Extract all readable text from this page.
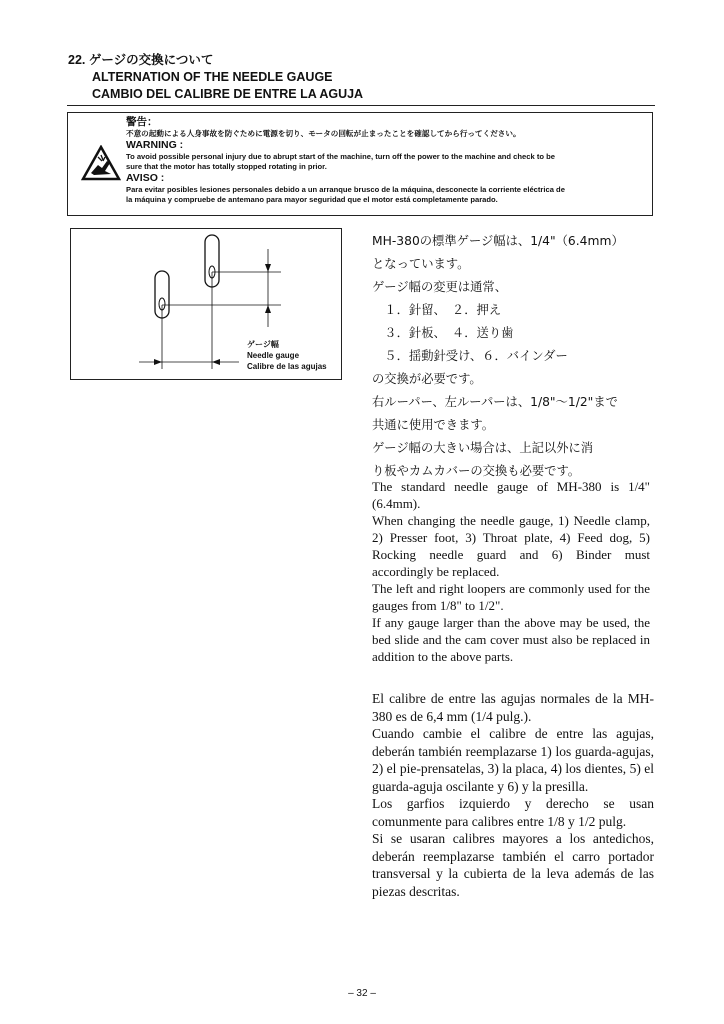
22. ゲージの交換について
ALTERNATION OF THE NEEDLE GAUGE
CAMBIO DEL CALIBRE DE ENTRE LA AGUJA
警告：
不意の起動による人身事故を防ぐために電源を切り、モータの回転が止まったことを確認してから行ってください。
WARNING :
To avoid possible personal injury due to abrupt start of the machine, turn off the power to the machine and check to be
sure that the motor has totally stopped rotating in prior.
AVISO :
Para evitar posibles lesiones personales debido a un arranque brusco de la máquina, desconecte la corriente eléctrica de
la máquina y compruebe de antemano para mayor seguridad que el motor está completamente parado.
ゲージ幅
Needle gauge
Calibre de las agujas
MH-380の標準ゲージ幅は、1/4"（6.4mm）
となっています。
ゲージ幅の変更は通常、
　１．針留、　２．押え
　３．針板、　４．送り歯
　５．揺動針受け、６．バインダー
の交換が必要です。
右ルーパー、左ルーパーは、1/8"～1/2"まで
共通に使用できます。
ゲージ幅の大きい場合は、上記以外に消
り板やカムカバーの交換も必要です。

The standard needle gauge of MH-380 is 1/4" (6.4mm).

When changing the needle gauge, 1) Needle clamp, 2) Presser foot, 3) Throat plate, 4) Feed dog, 5) Rocking needle guard and 6) Binder must accordingly be replaced.

The left and right loopers are commonly used for the gauges from 1/8" to 1/2".

If any gauge larger than the above may be used, the bed slide and the cam cover must also be replaced in addition to the above parts.

El calibre de entre las agujas normales de la MH-380 es de 6,4 mm (1/4 pulg.).

Cuando cambie el calibre de entre las agujas, deberán también reemplazarse 1) los guarda-agujas, 2) el pie-prensatelas, 3) la placa, 4) los dientes, 5) el guarda-aguja oscilante y 6) y la presilla.

Los garfios izquierdo y derecho se usan comunmente para calibres entre 1/8 y 1/2 pulg.

Si se usaran calibres mayores a los antedichos, deberán reemplazarse también el carro portador transversal y la cubierta de la leva además de las piezas descritas.

– 32 –
